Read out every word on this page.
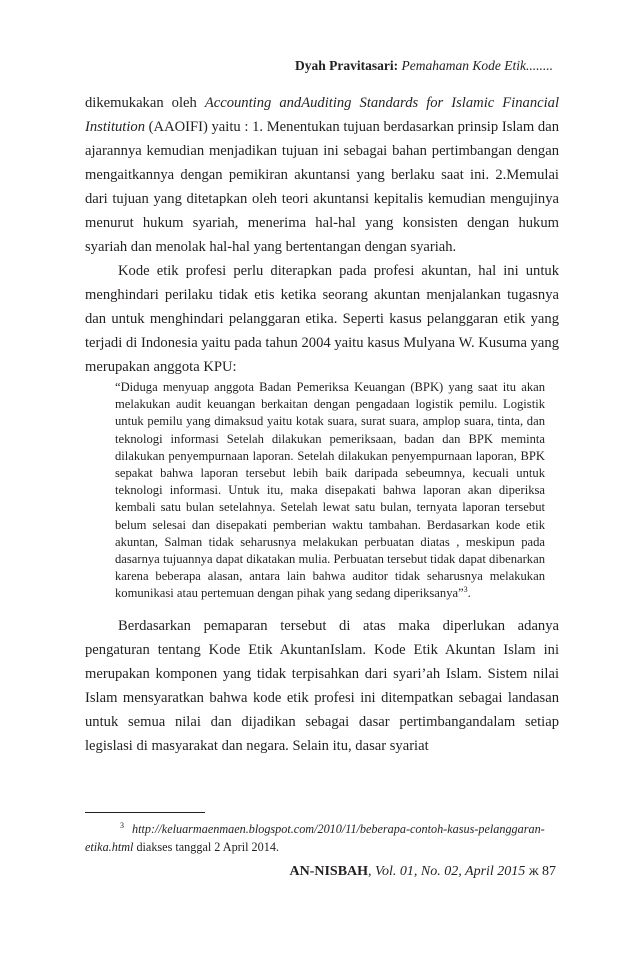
Dyah Pravitasari: Pemahaman Kode Etik........

dikemukakan oleh Accounting andAuditing Standards for Islamic Financial Institution (AAOIFI) yaitu : 1. Menentukan tujuan berdasarkan prinsip Islam dan ajarannya kemudian menjadikan tujuan ini sebagai bahan pertimbangan dengan mengaitkannya dengan pemikiran akuntansi yang berlaku saat ini. 2.Memulai dari tujuan yang ditetapkan oleh teori akuntansi kepitalis kemudian mengujinya menurut hukum syariah, menerima hal-hal yang konsisten dengan hukum syariah dan menolak hal-hal yang bertentangan dengan syariah.

Kode etik profesi perlu diterapkan pada profesi akuntan, hal ini untuk menghindari perilaku tidak etis ketika seorang akuntan menjalankan tugasnya dan untuk menghindari pelanggaran etika. Seperti kasus pelanggaran etik yang terjadi di Indonesia yaitu pada tahun 2004 yaitu kasus Mulyana W. Kusuma yang merupakan anggota KPU:

“Diduga menyuap anggota Badan Pemeriksa Keuangan (BPK) yang saat itu akan melakukan audit keuangan berkaitan dengan pengadaan logistik pemilu. Logistik untuk pemilu yang dimaksud yaitu kotak suara, surat suara, amplop suara, tinta, dan teknologi informasi Setelah dilakukan pemeriksaan, badan dan BPK meminta dilakukan penyempurnaan laporan. Setelah dilakukan penyempurnaan laporan, BPK sepakat bahwa laporan tersebut lebih baik daripada sebeumnya, kecuali untuk teknologi informasi. Untuk itu, maka disepakati bahwa laporan akan diperiksa kembali satu bulan setelahnya. Setelah lewat satu bulan, ternyata laporan tersebut belum selesai dan disepakati pemberian waktu tambahan. Berdasarkan kode etik akuntan, Salman tidak seharusnya melakukan perbuatan diatas , meskipun pada dasarnya tujuannya dapat dikatakan mulia. Perbuatan tersebut tidak dapat dibenarkan karena beberapa alasan, antara lain bahwa auditor tidak seharusnya melakukan komunikasi atau pertemuan dengan pihak yang sedang diperiksanya”$^3$.

Berdasarkan pemaparan tersebut di atas maka diperlukan adanya pengaturan tentang Kode Etik AkuntanIslam. Kode Etik Akuntan Islam ini merupakan komponen yang tidak terpisahkan dari syari’ah Islam. Sistem nilai Islam mensyaratkan bahwa kode etik profesi ini ditempatkan sebagai landasan untuk semua nilai dan dijadikan sebagai dasar pertimbangandalam setiap legislasi di masyarakat dan negara. Selain itu, dasar syariat

$^3$ http://keluarmaenmaen.blogspot.com/2010/11/beberapa-contoh-kasus-pelanggaran-etika.html diakses tanggal 2 April 2014.
AN-NISBAH, Vol. 01, No. 02, April 2015 ж 87
